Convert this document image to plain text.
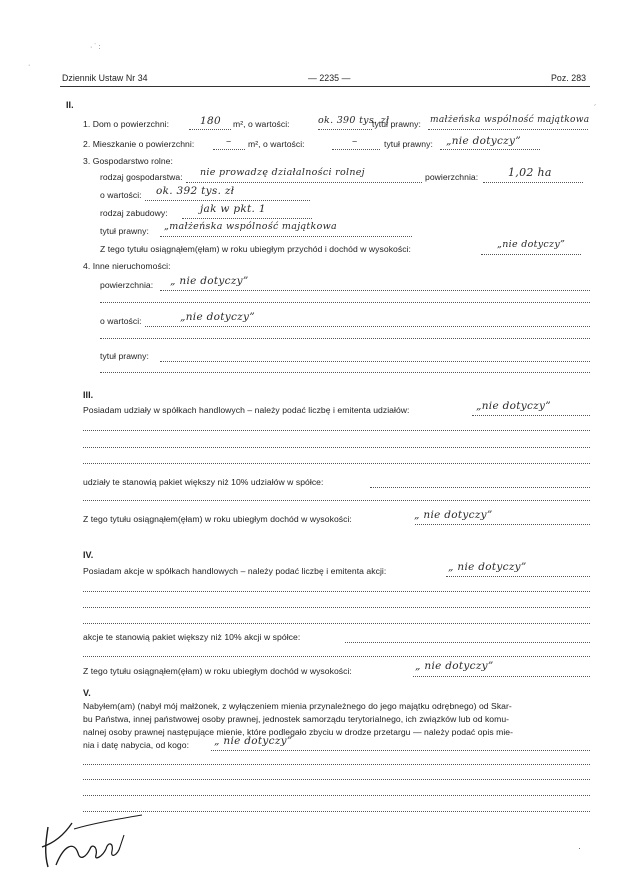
· ˙ :
·
´
Dziennik Ustaw Nr 34	— 2235 —	Poz. 283
II.
1. Dom o powierzchni:	180 m², o wartości:	ok. 390 tys. zł
tytuł prawny: małżeńska wspólność majątkowa
2. Mieszkanie o powierzchni:	– m², o wartości:	–	tytuł prawny: „nie dotyczy”
3. Gospodarstwo rolne:
rodzaj gospodarstwa: nie prowadzę działalności rolnej	powierzchnia:	1,02 ha
o wartości: ok. 392 tys. zł
rodzaj zabudowy:	jak w pkt. 1
tytuł prawny: „małżeńska wspólność majątkowa
Z tego tytułu osiągnąłem(ęłam) w roku ubiegłym przychód i dochód w wysokości:	„nie dotyczy”
4. Inne nieruchomości:
powierzchnia: „ nie dotyczy”
o wartości:	„nie dotyczy”
tytuł prawny:
III.
Posiadam udziały w spółkach handlowych – należy podać liczbę i emitenta udziałów:	„nie dotyczy”
udziały te stanowią pakiet większy niż 10% udziałów w spółce:
Z tego tytułu osiągnąłem(ęłam) w roku ubiegłym dochód w wysokości:	„ nie dotyczy”
IV.
Posiadam akcje w spółkach handlowych – należy podać liczbę i emitenta akcji:	„ nie dotyczy”
akcje te stanowią pakiet większy niż 10% akcji w spółce:
Z tego tytułu osiągnąłem(ęłam) w roku ubiegłym dochód w wysokości:	„ nie dotyczy”
V.
Nabyłem(am) (nabył mój małżonek, z wyłączeniem mienia przynależnego do jego majątku odrębnego) od Skar-
bu Państwa, innej państwowej osoby prawnej, jednostek samorządu terytorialnego, ich związków lub od komu-
nalnej osoby prawnej następujące mienie, które podlegało zbyciu w drodze przetargu — należy podać opis mie-
nia i datę nabycia, od kogo: „ nie dotyczy”
·
